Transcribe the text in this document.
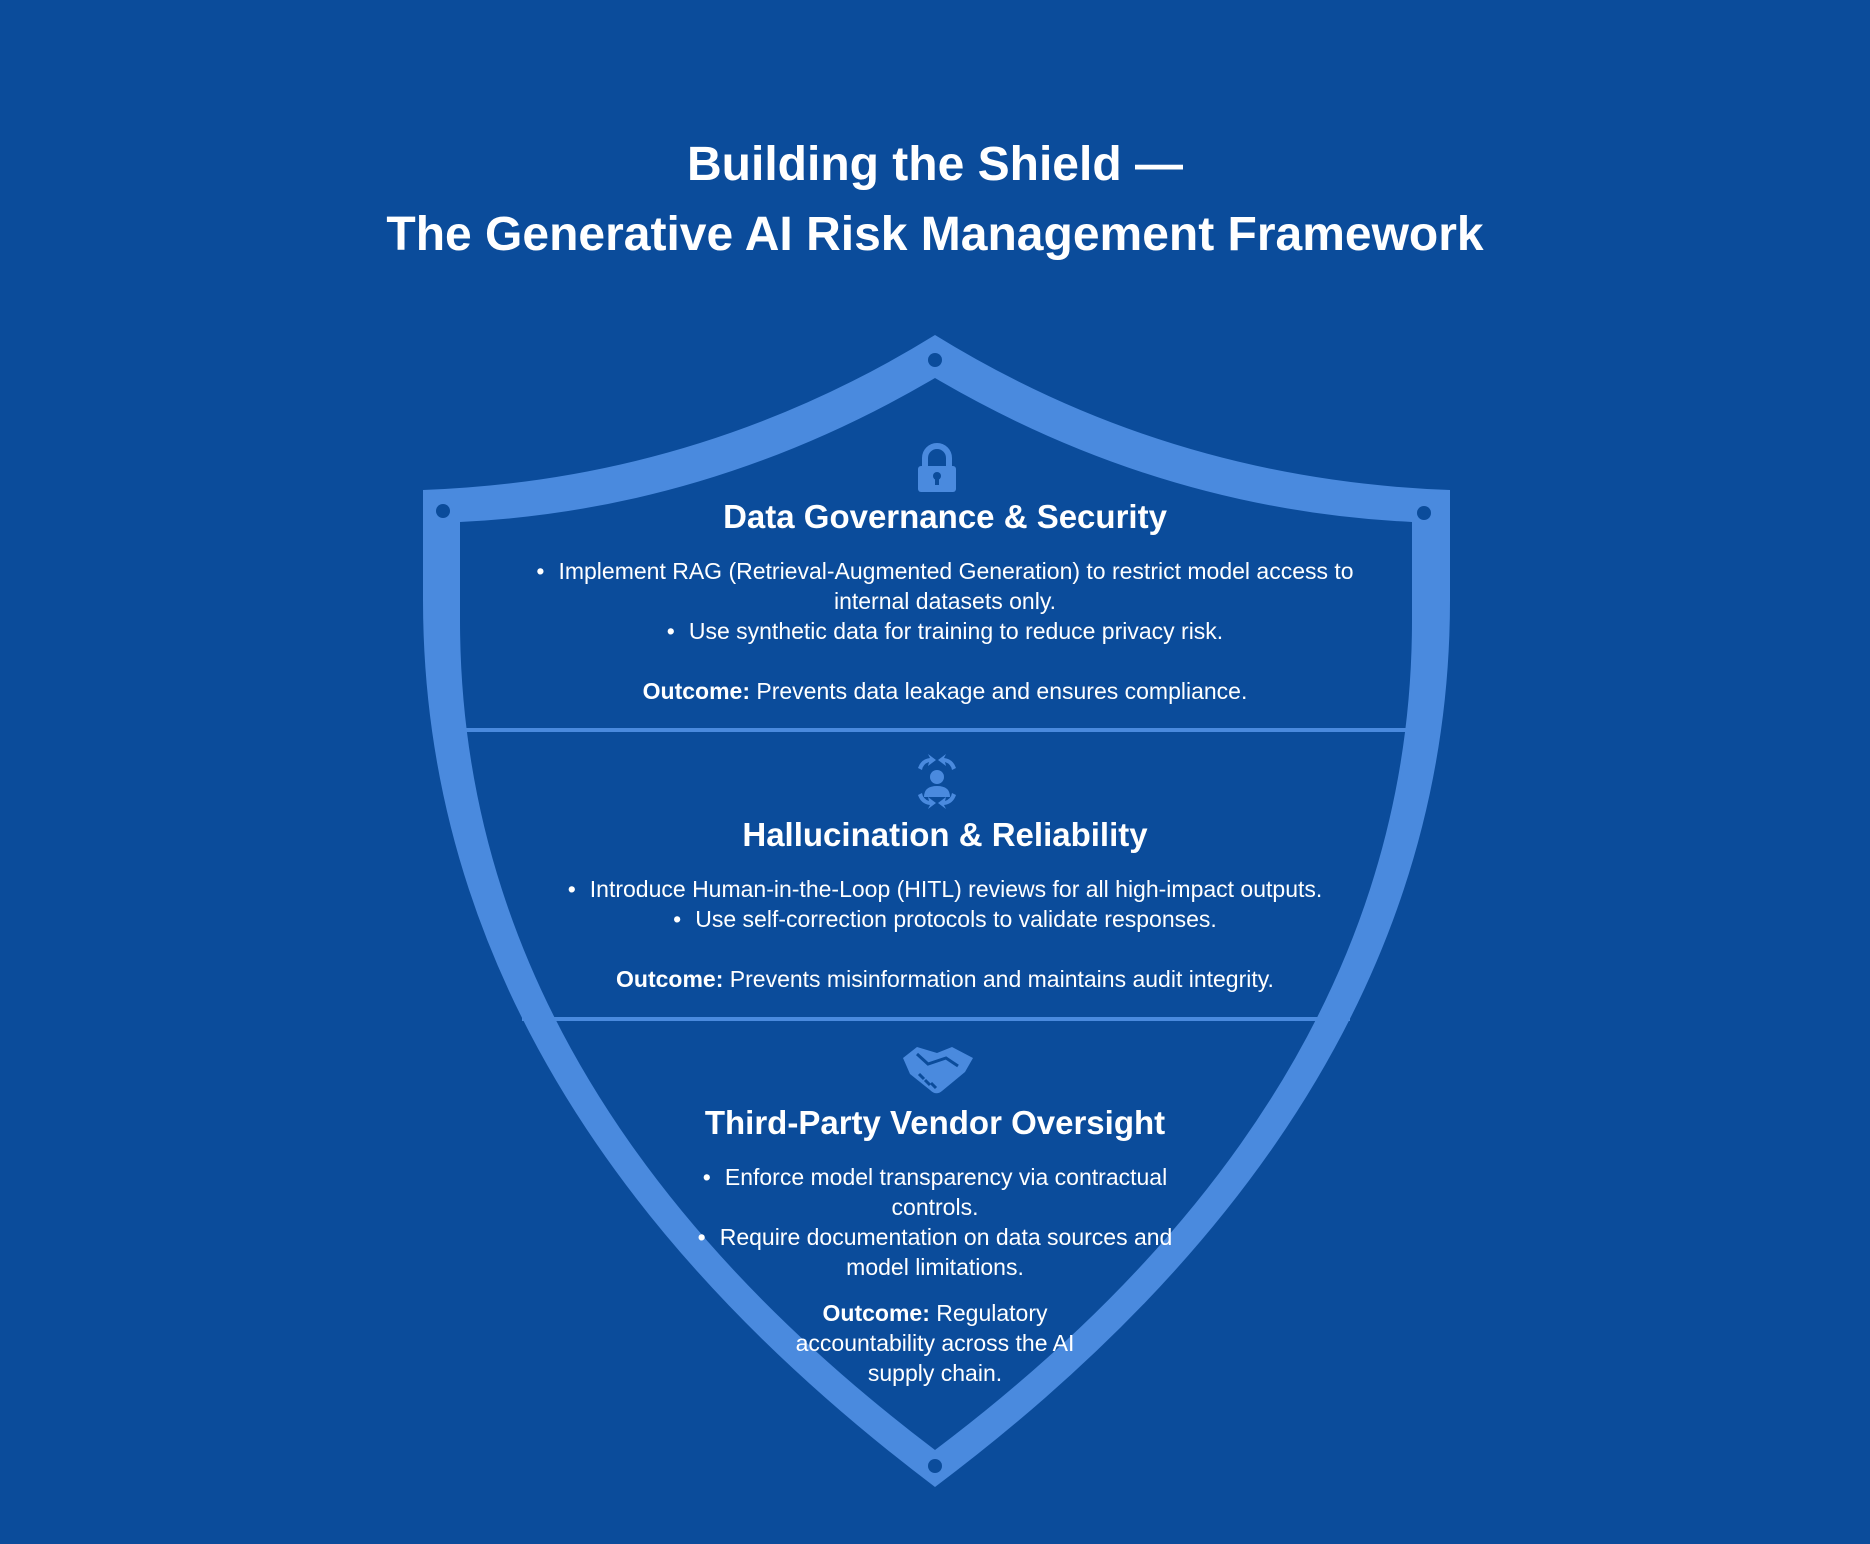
Building the Shield —
The Generative AI Risk Management Framework
Data Governance & Security
• Implement RAG (Retrieval-Augmented Generation) to restrict model access to internal datasets only.
• Use synthetic data for training to reduce privacy risk.
Outcome: Prevents data leakage and ensures compliance.
Hallucination & Reliability
• Introduce Human-in-the-Loop (HITL) reviews for all high-impact outputs.
• Use self-correction protocols to validate responses.
Outcome: Prevents misinformation and maintains audit integrity.
Third-Party Vendor Oversight
• Enforce model transparency via contractual controls.
• Require documentation on data sources and model limitations.
Outcome: Regulatory accountability across the AI supply chain.
